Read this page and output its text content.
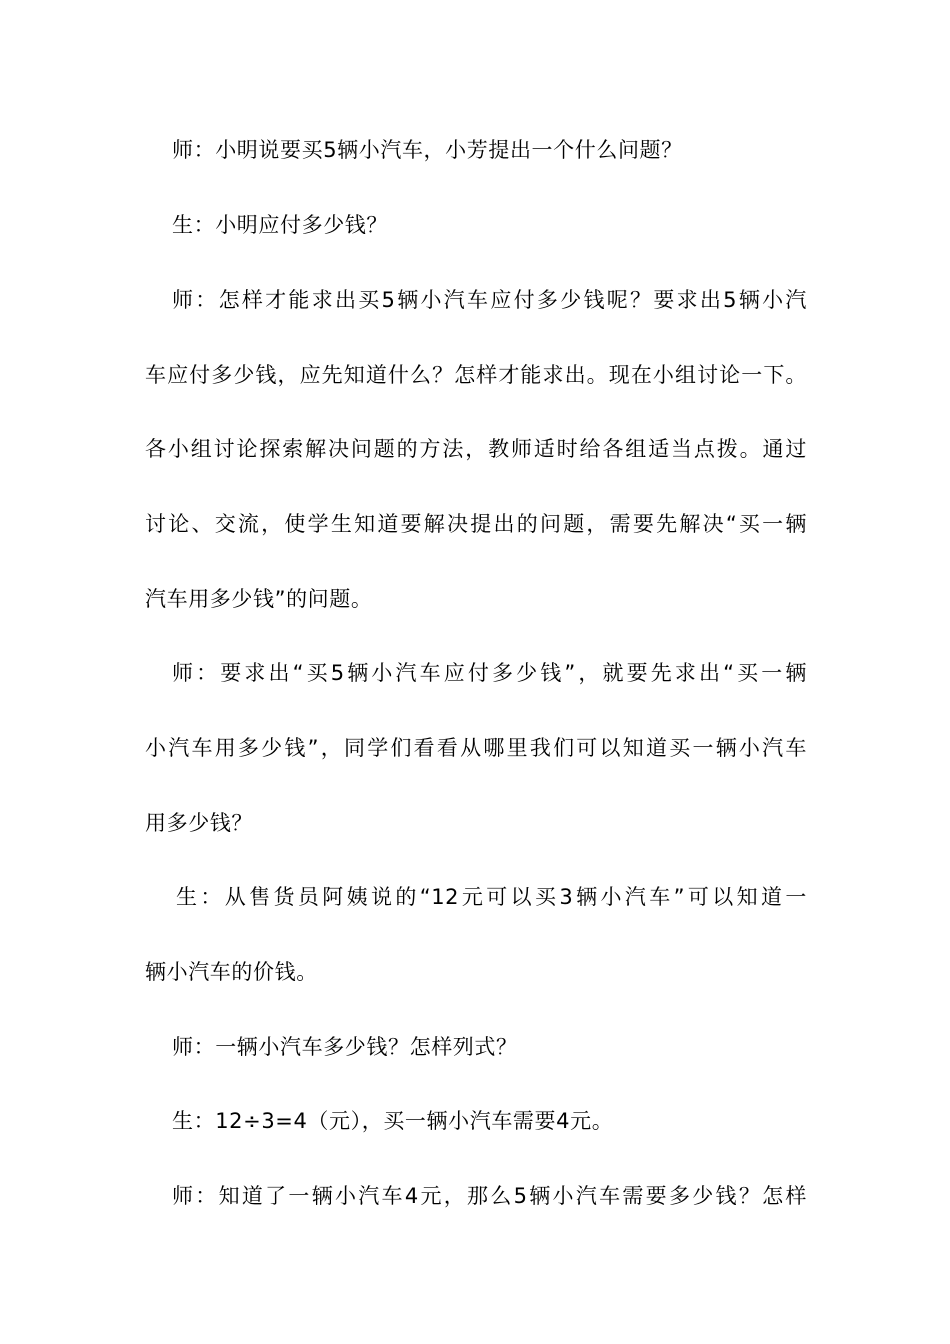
师：小明说要买5辆小汽车，小芳提出一个什么问题？
生：小明应付多少钱？
师：怎样才能求出买5辆小汽车应付多少钱呢？要求出5辆小汽
车应付多少钱，应先知道什么？怎样才能求出。现在小组讨论一下。
各小组讨论探索解决问题的方法，教师适时给各组适当点拨。通过
讨论、交流，使学生知道要解决提出的问题，需要先解决“买一辆
汽车用多少钱”的问题。
师：要求出“买5辆小汽车应付多少钱”，就要先求出“买一辆
小汽车用多少钱”，同学们看看从哪里我们可以知道买一辆小汽车
用多少钱？
生：从售货员阿姨说的“12元可以买3辆小汽车”可以知道一
辆小汽车的价钱。
师：一辆小汽车多少钱？怎样列式？
生：12÷3=4（元），买一辆小汽车需要4元。
师：知道了一辆小汽车4元，那么5辆小汽车需要多少钱？怎样
